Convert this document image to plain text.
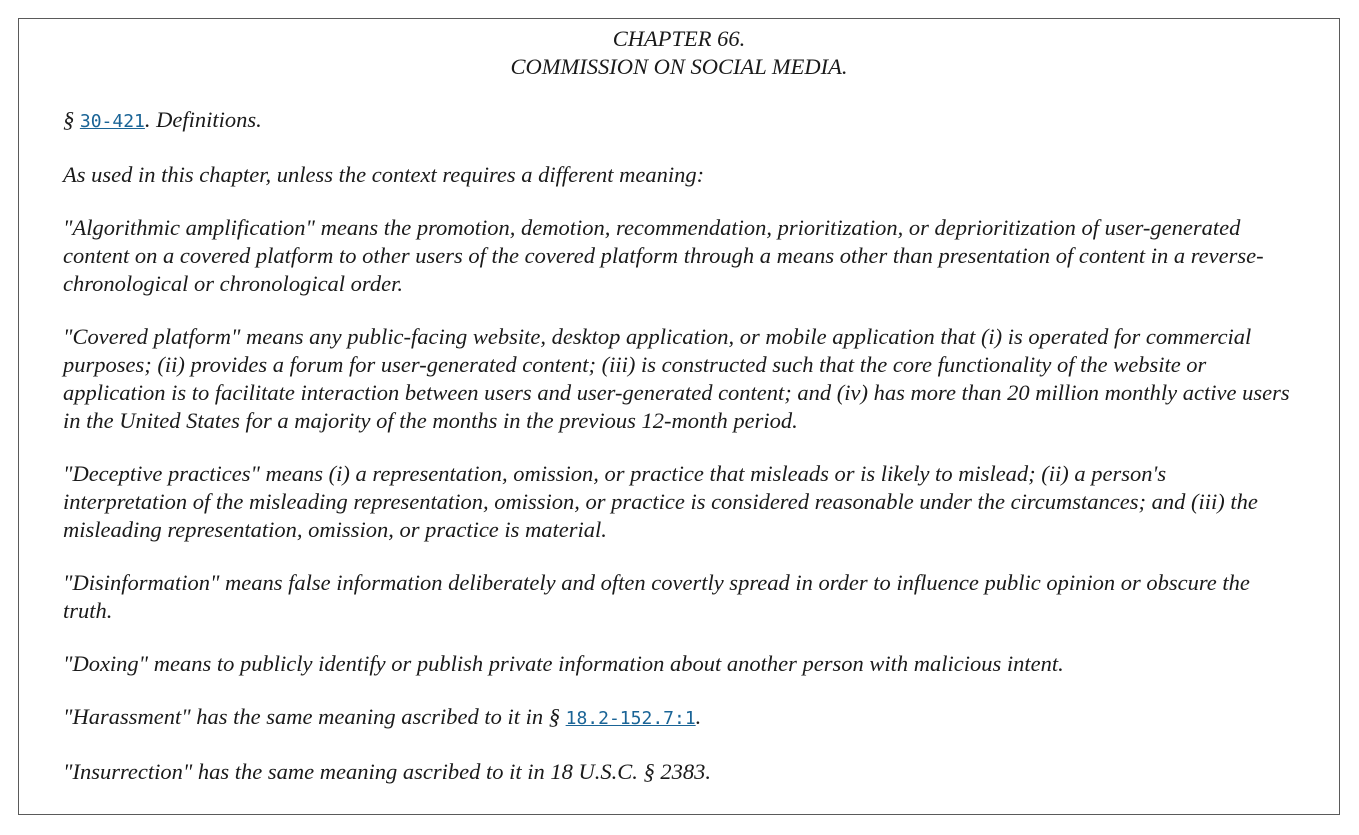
CHAPTER 66.
COMMISSION ON SOCIAL MEDIA.
§ 30-421. Definitions.

As used in this chapter, unless the context requires a different meaning:

"Algorithmic amplification" means the promotion, demotion, recommendation, prioritization, or deprioritization of user-generated content on a covered platform to other users of the covered platform through a means other than presentation of content in a reverse-chronological or chronological order.

"Covered platform" means any public-facing website, desktop application, or mobile application that (i) is operated for commercial purposes; (ii) provides a forum for user-generated content; (iii) is constructed such that the core functionality of the website or application is to facilitate interaction between users and user-generated content; and (iv) has more than 20 million monthly active users in the United States for a majority of the months in the previous 12-month period.

"Deceptive practices" means (i) a representation, omission, or practice that misleads or is likely to mislead; (ii) a person's interpretation of the misleading representation, omission, or practice is considered reasonable under the circumstances; and (iii) the misleading representation, omission, or practice is material.

"Disinformation" means false information deliberately and often covertly spread in order to influence public opinion or obscure the truth.

"Doxing" means to publicly identify or publish private information about another person with malicious intent.

"Harassment" has the same meaning ascribed to it in § 18.2-152.7:1.

"Insurrection" has the same meaning ascribed to it in 18 U.S.C. § 2383.
